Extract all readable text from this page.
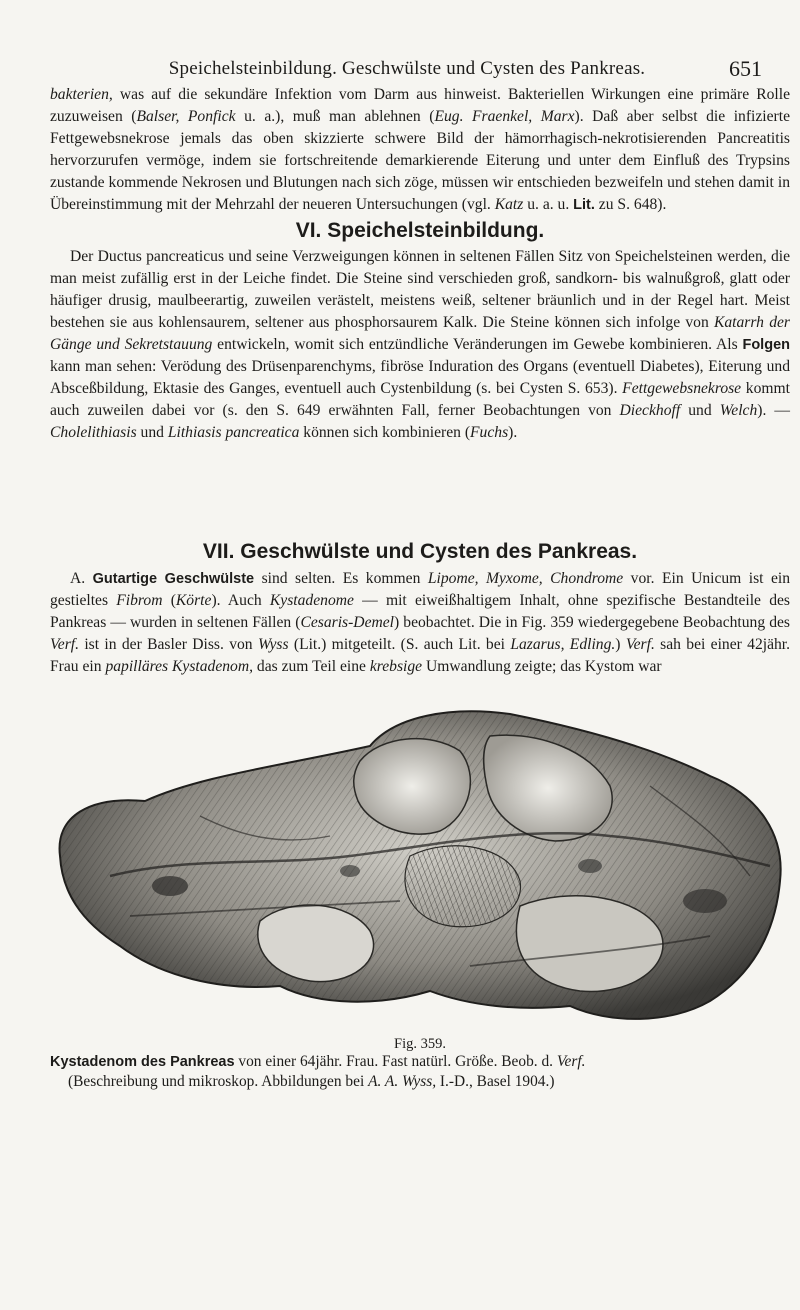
Speichelsteinbildung. Geschwülste und Cysten des Pankreas.	651

bakterien, was auf die sekundäre Infektion vom Darm aus hinweist. Bakteriellen Wirkungen eine primäre Rolle zuzuweisen (Balser, Ponfick u. a.), muß man ablehnen (Eug. Fraenkel, Marx). Daß aber selbst die infizierte Fettgewebsnekrose jemals das oben skizzierte schwere Bild der hämorrhagisch-nekrotisierenden Pancreatitis hervorzurufen vermöge, indem sie fortschreitende demarkierende Eiterung und unter dem Einfluß des Trypsins zustande kommende Nekrosen und Blutungen nach sich zöge, müssen wir entschieden bezweifeln und stehen damit in Übereinstimmung mit der Mehrzahl der neueren Untersuchungen (vgl. Katz u. a. u. Lit. zu S. 648).

VI. Speichelsteinbildung.

Der Ductus pancreaticus und seine Verzweigungen können in seltenen Fällen Sitz von Speichelsteinen werden, die man meist zufällig erst in der Leiche findet. Die Steine sind verschieden groß, sandkorn- bis walnußgroß, glatt oder häufiger drusig, maulbeerartig, zuweilen verästelt, meistens weiß, seltener bräunlich und in der Regel hart. Meist bestehen sie aus kohlensaurem, seltener aus phosphorsaurem Kalk. Die Steine können sich infolge von Katarrh der Gänge und Sekretstauung entwickeln, womit sich entzündliche Veränderungen im Gewebe kombinieren. Als Folgen kann man sehen: Verödung des Drüsenparenchyms, fibröse Induration des Organs (eventuell Diabetes), Eiterung und Absceßbildung, Ektasie des Ganges, eventuell auch Cystenbildung (s. bei Cysten S. 653). Fettgewebsnekrose kommt auch zuweilen dabei vor (s. den S. 649 erwähnten Fall, ferner Beobachtungen von Dieckhoff und Welch). — Cholelithiasis und Lithiasis pancreatica können sich kombinieren (Fuchs).

VII. Geschwülste und Cysten des Pankreas.

A. Gutartige Geschwülste sind selten. Es kommen Lipome, Myxome, Chondrome vor. Ein Unicum ist ein gestieltes Fibrom (Körte). Auch Kystadenome — mit eiweißhaltigem Inhalt, ohne spezifische Bestandteile des Pankreas — wurden in seltenen Fällen (Cesaris-Demel) beobachtet. Die in Fig. 359 wiedergegebene Beobachtung des Verf. ist in der Basler Diss. von Wyss (Lit.) mitgeteilt. (S. auch Lit. bei Lazarus, Edling.) Verf. sah bei einer 42jähr. Frau ein papilläres Kystadenom, das zum Teil eine krebsige Umwandlung zeigte; das Kystom war

Fig. 359.
Kystadenom des Pankreas von einer 64jähr. Frau. Fast natürl. Größe. Beob. d. Verf.
(Beschreibung und mikroskop. Abbildungen bei A. A. Wyss, I.-D., Basel 1904.)
